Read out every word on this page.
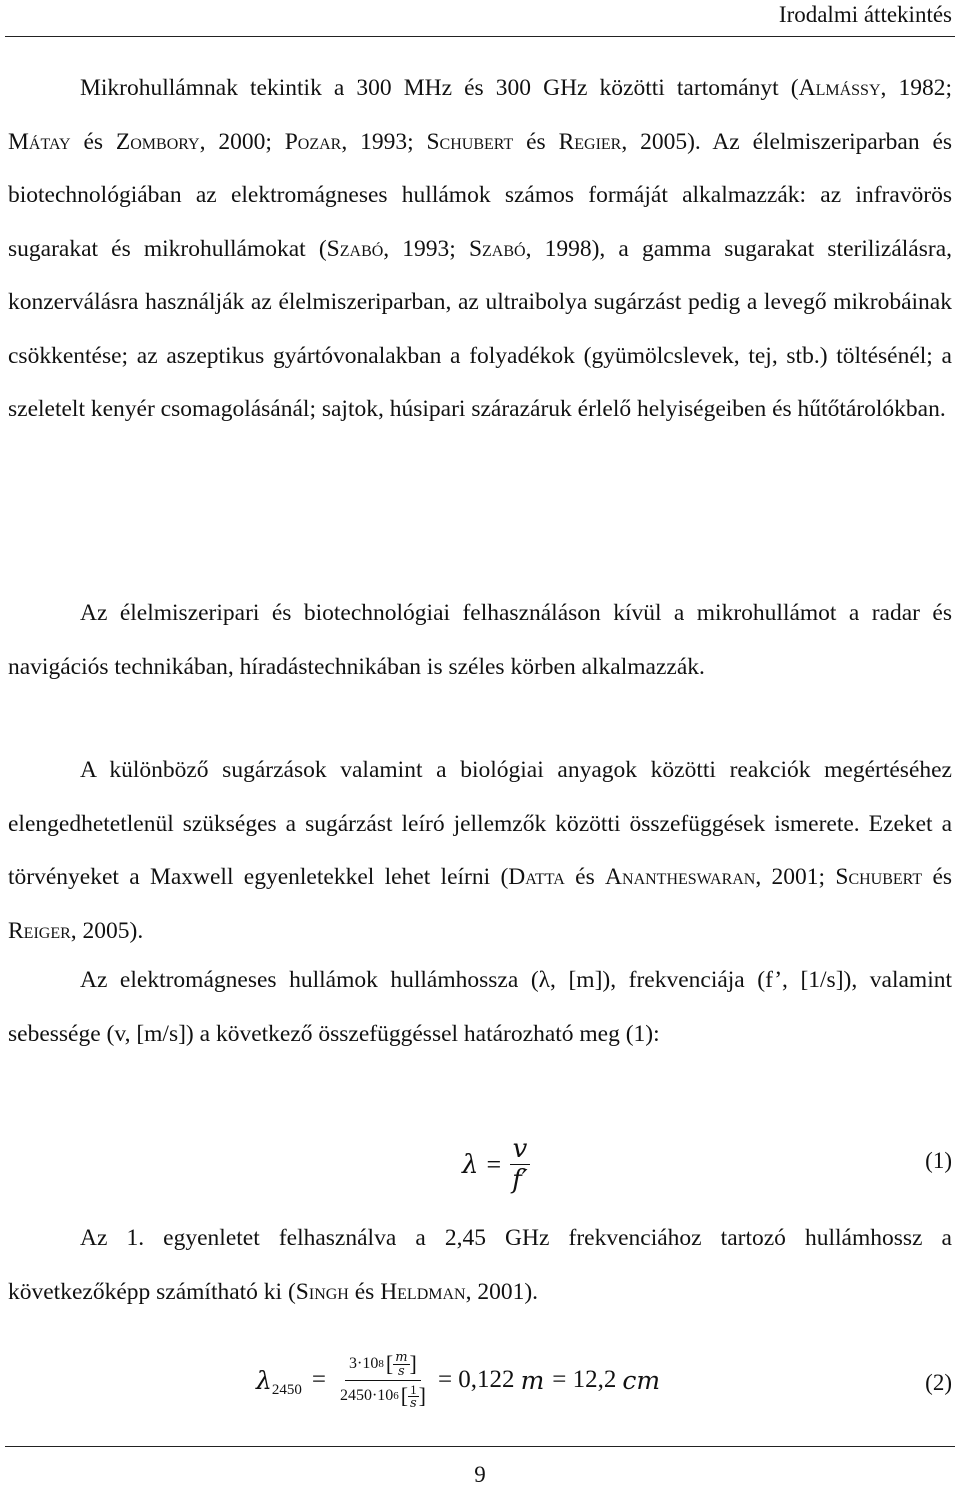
Irodalmi áttekintés

Mikrohullámnak tekintik a 300 MHz és 300 GHz közötti tartományt (Almássy, 1982; Mátay és Zombory, 2000; Pozar, 1993; Schubert és Regier, 2005). Az élelmiszeriparban és biotechnológiában az elektromágneses hullámok számos formáját alkalmazzák: az infravörös sugarakat és mikrohullámokat (Szabó, 1993; Szabó, 1998), a gamma sugarakat sterilizálásra, konzerválásra használják az élelmiszeriparban, az ultraibolya sugárzást pedig a levegő mikrobáinak csökkentése; az aszeptikus gyártóvonalakban a folyadékok (gyümölcslevek, tej, stb.) töltésénél; a szeletelt kenyér csomagolásánál; sajtok, húsipari szárazáruk érlelő helyiségeiben és hűtőtárolókban.

Az élelmiszeripari és biotechnológiai felhasználáson kívül a mikrohullámot a radar és navigációs technikában, híradástechnikában is széles körben alkalmazzák.

A különböző sugárzások valamint a biológiai anyagok közötti reakciók megértéséhez elengedhetetlenül szükséges a sugárzást leíró jellemzők közötti összefüggések ismerete. Ezeket a törvényeket a Maxwell egyenletekkel lehet leírni (Datta és Anantheswaran, 2001; Schubert és Reiger, 2005).

Az elektromágneses hullámok hullámhossza (λ, [m]), frekvenciája (f’, [1/s]), valamint sebessége (v, [m/s]) a következő összefüggéssel határozható meg (1):

$\lambda = \frac{v}{f'}$	(1)

Az 1. egyenletet felhasználva a 2,45 GHz frekvenciához tartozó hullámhossz a következőképp számítható ki (Singh és Heldman, 2001).

$\lambda_{2450} = \frac{3\cdot 10 8 [ \frac{m}{s} ]}{2450\cdot 10 6 [ \frac{1}{s} ]} = 0,122$ m = 12,2 cm	(2)
9
